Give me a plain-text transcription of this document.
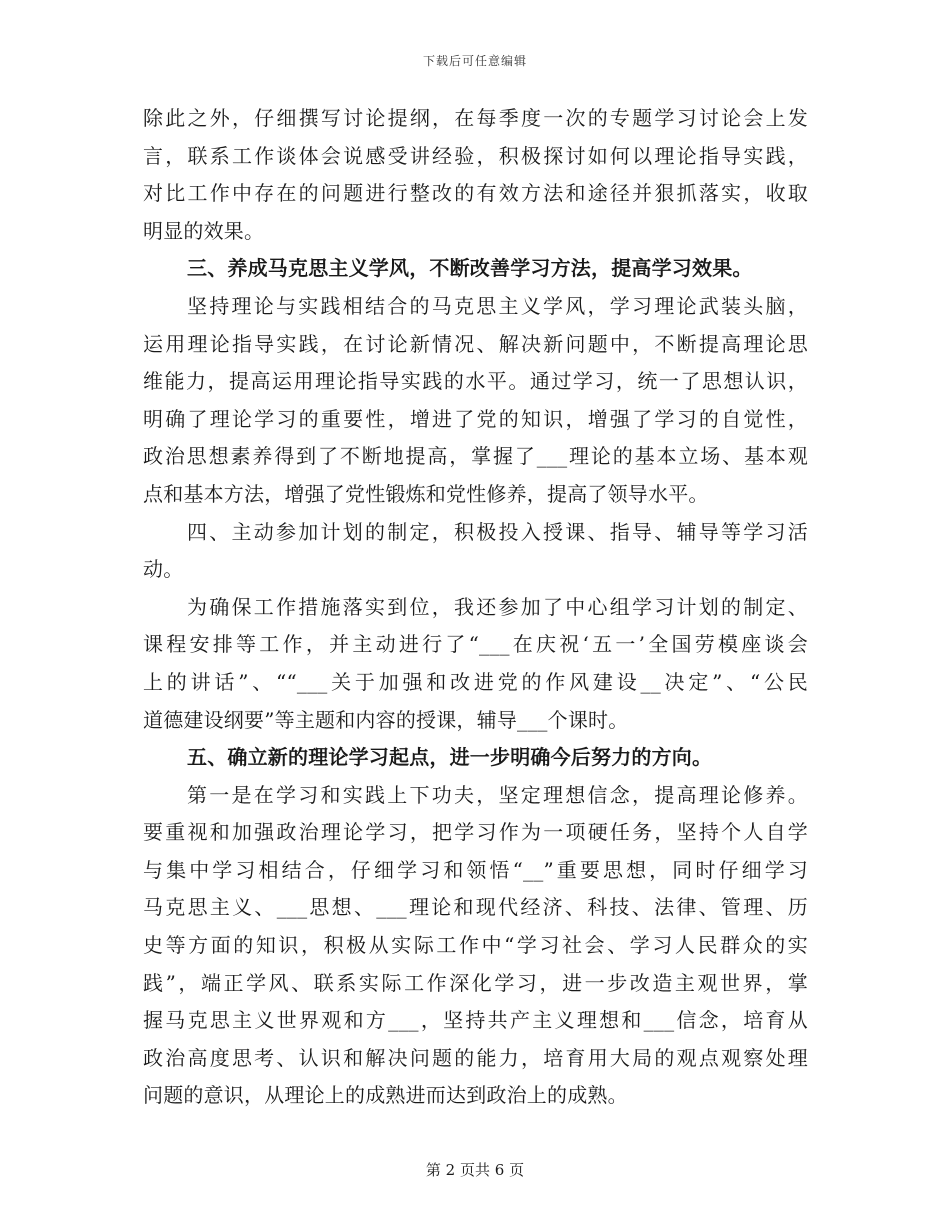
下载后可任意编辑
除此之外，仔细撰写讨论提纲，在每季度一次的专题学习讨论会上发
言，联系工作谈体会说感受讲经验，积极探讨如何以理论指导实践，
对比工作中存在的问题进行整改的有效方法和途径并狠抓落实，收取
明显的效果。
三、养成马克思主义学风，不断改善学习方法，提高学习效果。
坚持理论与实践相结合的马克思主义学风，学习理论武装头脑，
运用理论指导实践，在讨论新情况、解决新问题中，不断提高理论思
维能力，提高运用理论指导实践的水平。通过学习，统一了思想认识，
明确了理论学习的重要性，增进了党的知识，增强了学习的自觉性，
政治思想素养得到了不断地提高，掌握了___理论的基本立场、基本观
点和基本方法，增强了党性锻炼和党性修养，提高了领导水平。
四、主动参加计划的制定，积极投入授课、指导、辅导等学习活
动。
为确保工作措施落实到位，我还参加了中心组学习计划的制定、
课程安排等工作，并主动进行了“___在庆祝‘五一’全国劳模座谈会
上的讲话”、““___关于加强和改进党的作风建设__决定”、“公民
道德建设纲要”等主题和内容的授课，辅导___个课时。
五、确立新的理论学习起点，进一步明确今后努力的方向。
第一是在学习和实践上下功夫，坚定理想信念，提高理论修养。
要重视和加强政治理论学习，把学习作为一项硬任务，坚持个人自学
与集中学习相结合，仔细学习和领悟“__”重要思想，同时仔细学习
马克思主义、___思想、___理论和现代经济、科技、法律、管理、历
史等方面的知识，积极从实际工作中“学习社会、学习人民群众的实
践”，端正学风、联系实际工作深化学习，进一步改造主观世界，掌
握马克思主义世界观和方___，坚持共产主义理想和___信念，培育从
政治高度思考、认识和解决问题的能力，培育用大局的观点观察处理
问题的意识，从理论上的成熟进而达到政治上的成熟。
第 2 页共 6 页
